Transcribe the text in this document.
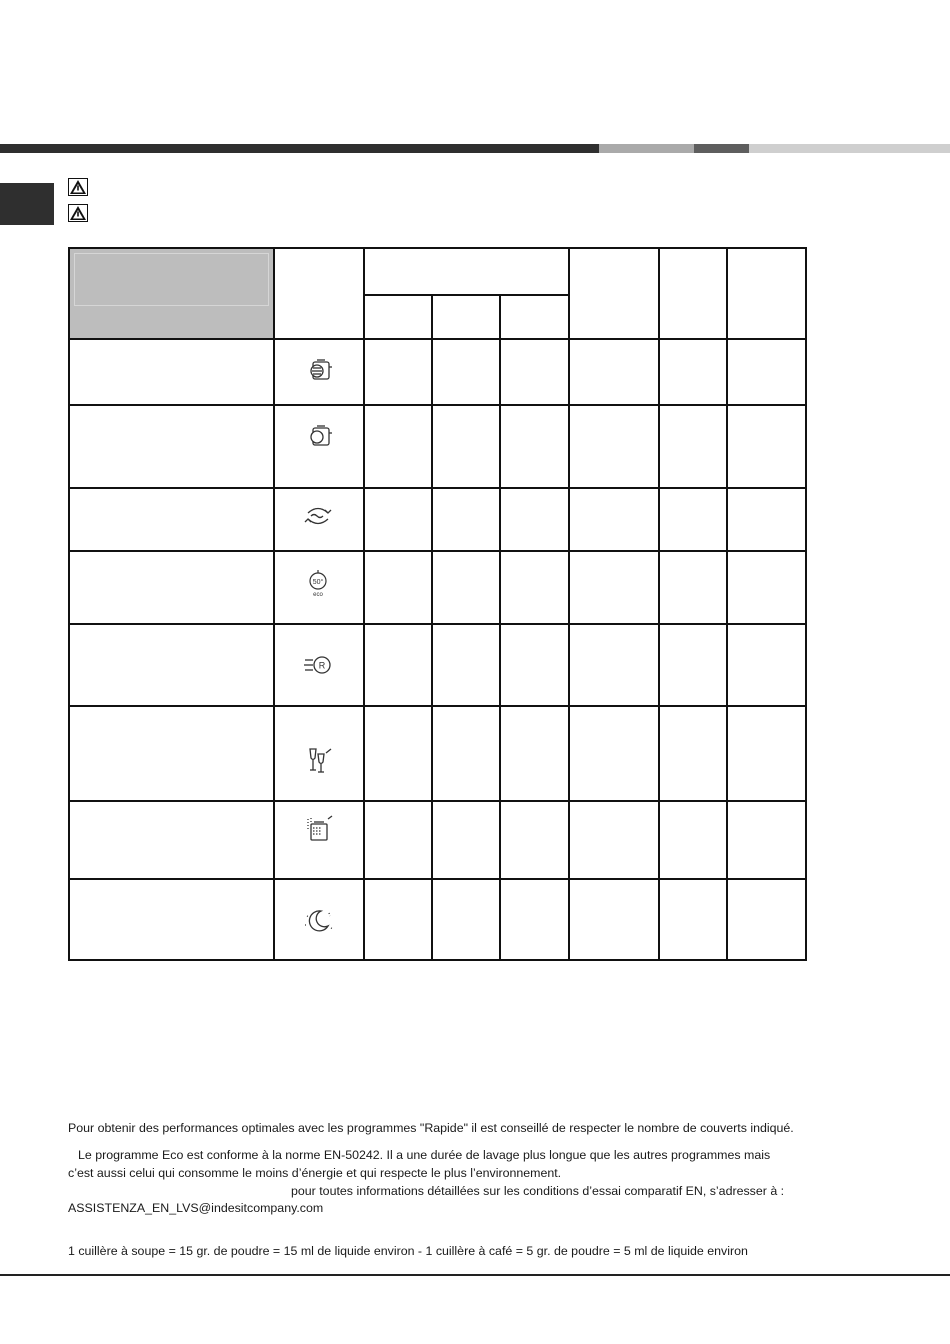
50°
eco
R
Pour obtenir des performances optimales avec les programmes "Rapide" il est conseillé de respecter le nombre de couverts indiqué.
Le programme Eco est conforme à la norme EN-50242. Il a une durée de lavage plus longue que les autres programmes mais
c’est aussi celui qui consomme le moins d’énergie et qui respecte le plus l’environnement.
pour toutes informations détaillées sur les conditions d’essai comparatif EN, s’adresser à :
ASSISTENZA_EN_LVS@indesitcompany.com
1 cuillère à soupe = 15 gr. de poudre = 15 ml de liquide environ - 1 cuillère à café = 5 gr. de poudre = 5 ml de liquide environ
